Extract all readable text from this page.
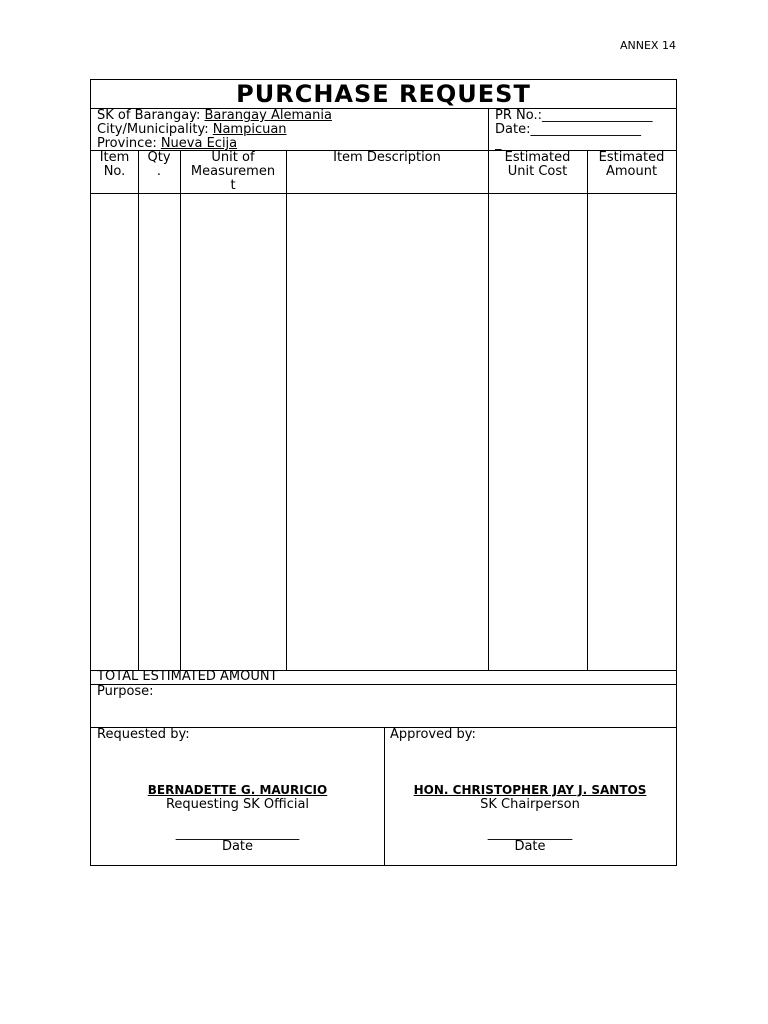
ANNEX 14
PURCHASE REQUEST
SK of Barangay: Barangay Alemania
City/Municipality: Nampicuan
Province: Nueva Ecija
PR No.:_________________
Date:_________________
_
Item
No.
Qty
.
Unit of
Measuremen
t
Item Description	Estimated
Unit Cost
Estimated
Amount
TOTAL ESTIMATED AMOUNT
Purpose:
Requested by:	Approved by:
BERNADETTE G. MAURICIO
Requesting SK Official
___________________
Date
HON. CHRISTOPHER JAY J. SANTOS
SK Chairperson
_____________
Date
